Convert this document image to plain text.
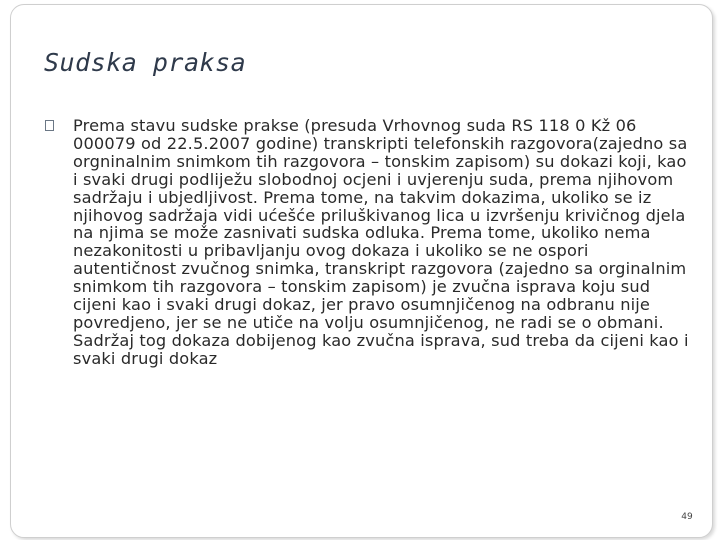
Sudska praksa

Prema stavu sudske prakse (presuda Vrhovnog suda RS 118 0 Kž 06 000079 od 22.5.2007 godine) transkripti telefonskih razgovora(zajedno sa orgninalnim snimkom tih razgovora – tonskim zapisom) su dokazi koji, kao i svaki drugi podliježu slobodnoj ocjeni i uvjerenju suda, prema njihovom sadržaju i ubjedljivost. Prema tome, na takvim dokazima, ukoliko se iz njihovog sadržaja vidi ućešće priluškivanog lica u izvršenju krivičnog djela na njima se može zasnivati sudska odluka. Prema tome, ukoliko nema nezakonitosti u pribavljanju ovog dokaza i ukoliko se ne ospori autentičnost zvučnog snimka, transkript razgovora (zajedno sa orginalnim snimkom tih razgovora – tonskim zapisom) je zvučna isprava koju sud cijeni kao i svaki drugi dokaz, jer pravo osumnjičenog na odbranu nije povredjeno, jer se ne utiče na volju osumnjičenog, ne radi se o obmani. Sadržaj tog dokaza dobijenog kao zvučna isprava, sud treba da cijeni kao i svaki drugi dokaz

49
